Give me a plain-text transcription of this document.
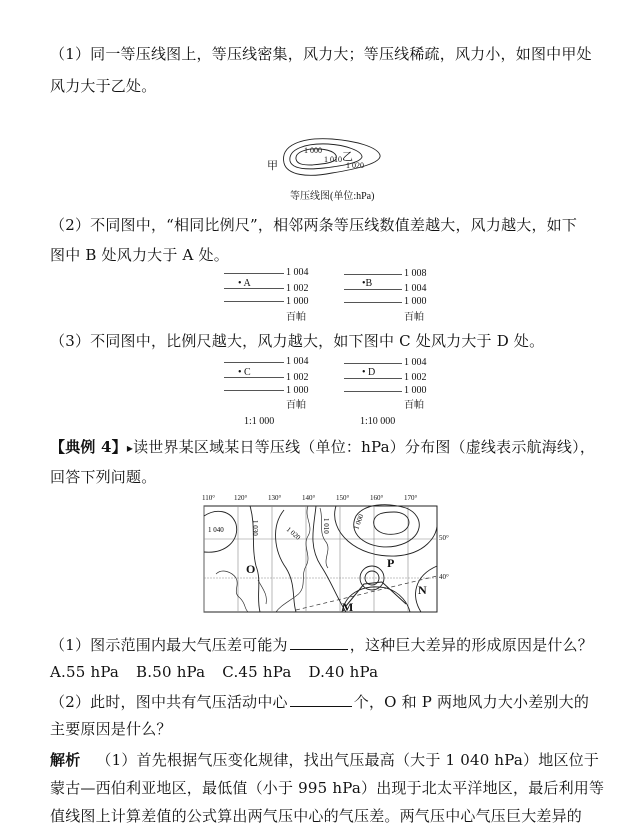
（1）同一等压线图上，等压线密集，风力大；等压线稀疏，风力小，如图中甲处
风力大于乙处。
1 000
1 010
1 020
甲
乙
等压线图(单位:hPa)
（2）不同图中，“相同比例尺”，相邻两条等压线数值差越大，风力越大，如下
图中 B 处风力大于 A 处。
1 004
1 002
1 000
百帕
• A
1 008
1 004
1 000
百帕
•B
（3）不同图中，比例尺越大，风力越大，如下图中 C 处风力大于 D 处。
1 004
1 002
1 000
百帕
• C
1:1 000
1 004
1 002
1 000
百帕
• D
1:10 000
【典例 4】▸读世界某区域某日等压线（单位：hPa）分布图（虚线表示航海线），
回答下列问题。
1 040	1 030	1 020	1 010	1 000
110°	120°	130°	140°	150°	160°	170°
50°
40°
O	P
M
N
（1）图示范围内最大气压差可能为	，这种巨大差异的形成原因是什么？
A.55 hPa B.50 hPa C.45 hPa D.40 hPa
（2）此时，图中共有气压活动中心	个，O 和 P 两地风力大小差别大的
主要原因是什么？
解析 （1）首先根据气压变化规律，找出气压最高（大于 1 040 hPa）地区位于
蒙古—西伯利亚地区，最低值（小于 995 hPa）出现于北太平洋地区，最后利用等
值线图上计算差值的公式算出两气压中心的气压差。两气压中心气压巨大差异的
